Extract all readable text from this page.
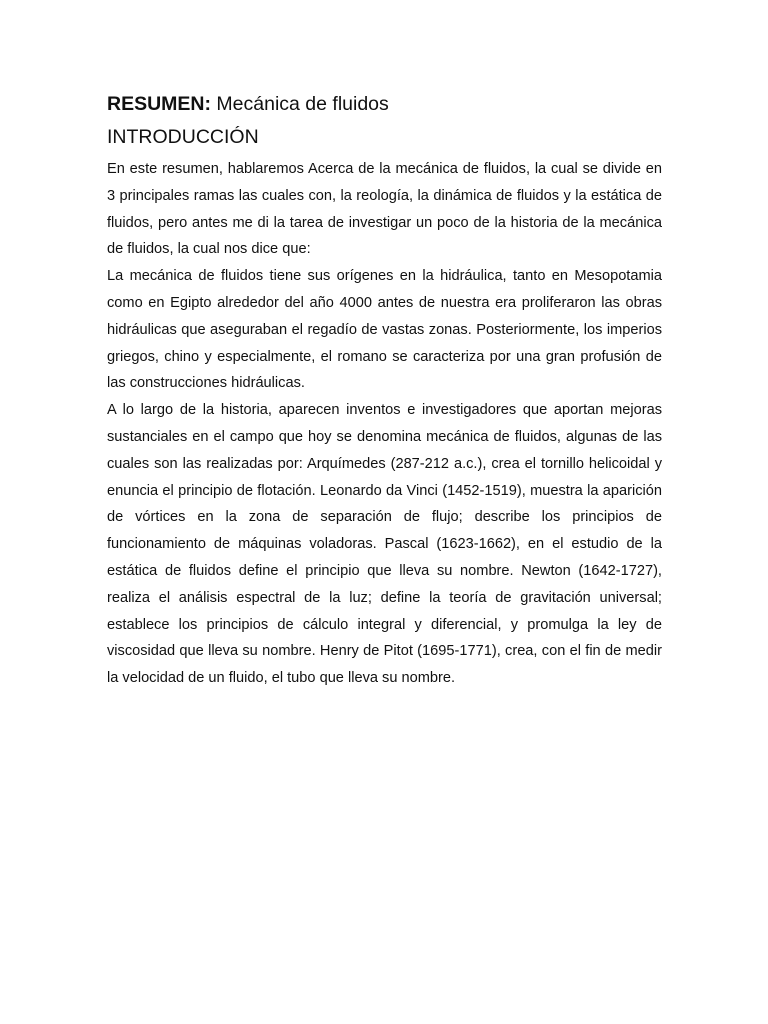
RESUMEN: Mecánica de fluidos
INTRODUCCIÓN

En este resumen, hablaremos Acerca de la mecánica de fluidos, la cual se divide en 3 principales ramas las cuales con, la reología, la dinámica de fluidos y la estática de fluidos, pero antes me di la tarea de investigar un poco de la historia de la mecánica de fluidos, la cual nos dice que:

La mecánica de fluidos tiene sus orígenes en la hidráulica, tanto en Mesopotamia como en Egipto alrededor del año 4000 antes de nuestra era proliferaron las obras hidráulicas que aseguraban el regadío de vastas zonas. Posteriormente, los imperios griegos, chino y especialmente, el romano se caracteriza por una gran profusión de las construcciones hidráulicas.

A lo largo de la historia, aparecen inventos e investigadores que aportan mejoras sustanciales en el campo que hoy se denomina mecánica de fluidos, algunas de las cuales son las realizadas por: Arquímedes (287-212 a.c.), crea el tornillo helicoidal y enuncia el principio de flotación. Leonardo da Vinci (1452-1519), muestra la aparición de vórtices en la zona de separación de flujo; describe los principios de funcionamiento de máquinas voladoras. Pascal (1623-1662), en el estudio de la estática de fluidos define el principio que lleva su nombre. Newton (1642-1727), realiza el análisis espectral de la luz; define la teoría de gravitación universal; establece los principios de cálculo integral y diferencial, y promulga la ley de viscosidad que lleva su nombre. Henry de Pitot (1695-1771), crea, con el fin de medir la velocidad de un fluido, el tubo que lleva su nombre.
